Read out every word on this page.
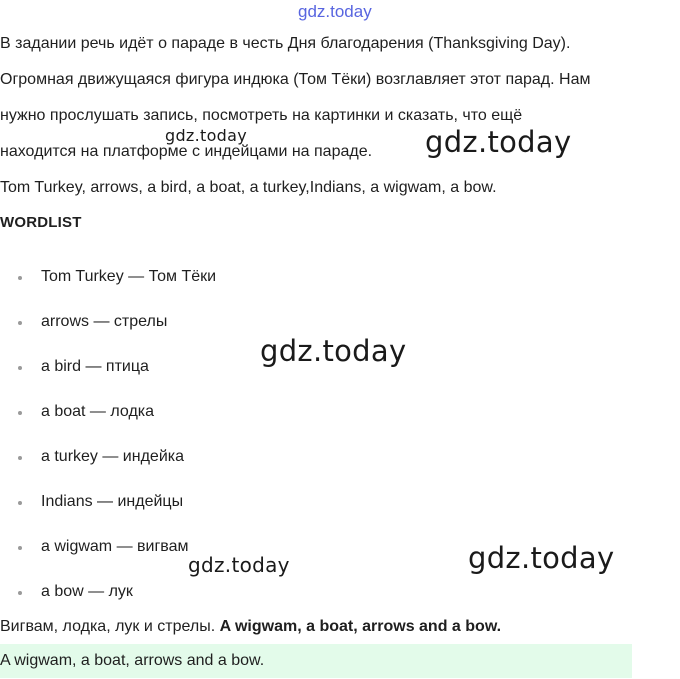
gdz.today

В задании речь идёт о параде в честь Дня благодарения (Thanksgiving Day).

Огромная движущаяся фигура индюка (Том Тёки) возглавляет этот парад. Нам

нужно прослушать запись, посмотреть на картинки и сказать, что ещё

находится на платформе с индейцами на параде.

Tom Turkey, arrows, a bird, a boat, a turkey,Indians, a wigwam, a bow.

WORDLIST

Tom Turkey — Том Тёки
arrows — стрелы
a bird — птица
a boat — лодка
a turkey — индейка
Indians — индейцы
a wigwam — вигвам
a bow — лук

Вигвам, лодка, лук и стрелы. A wigwam, a boat, arrows and a bow.

A wigwam, a boat, arrows and a bow.
gdz.today	gdz.today
gdz.today
gdz.today
gdz.today
